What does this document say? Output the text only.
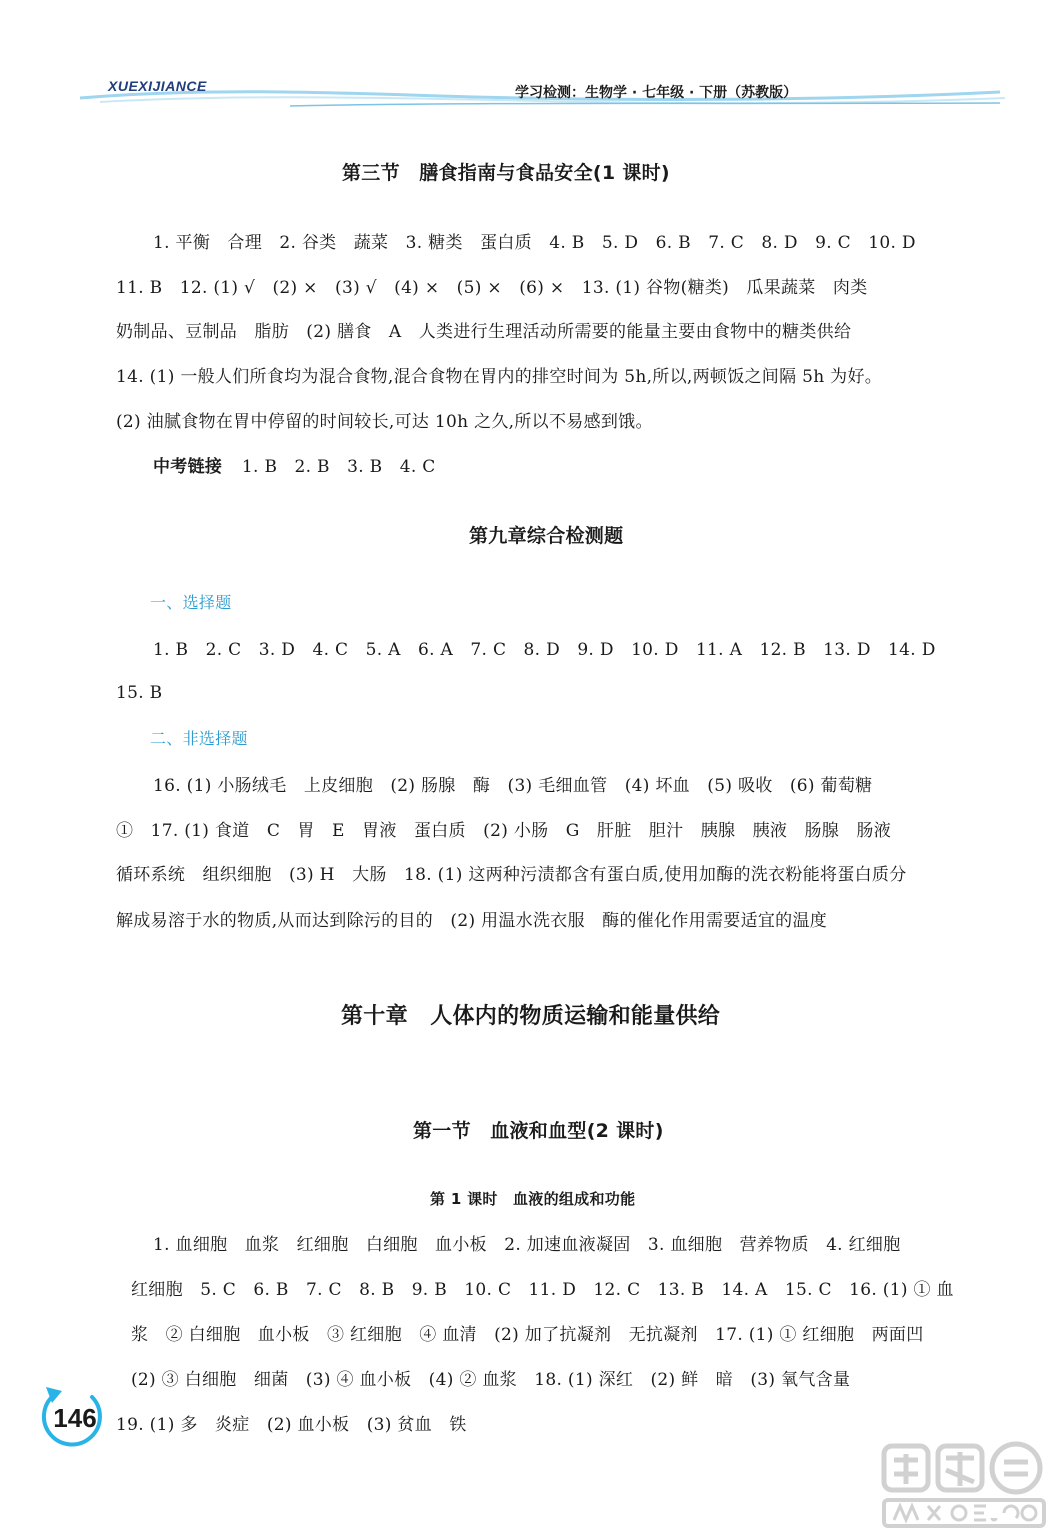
XUEXIJIANCE	学习检测：生物学 · 七年级 · 下册（苏教版）
第三节　膳食指南与食品安全(1 课时)
1. 平衡　合理　2. 谷类　蔬菜　3. 糖类　蛋白质　4. B　5. D　6. B　7. C　8. D　9. C　10. D
11. B　12. (1) √　(2) ×　(3) √　(4) ×　(5) ×　(6) ×　13. (1) 谷物(糖类)　瓜果蔬菜　肉类
奶制品、豆制品　脂肪　(2) 膳食　A　人类进行生理活动所需要的能量主要由食物中的糖类供给
14. (1) 一般人们所食均为混合食物,混合食物在胃内的排空时间为 5h,所以,两顿饭之间隔 5h 为好。
(2) 油腻食物在胃中停留的时间较长,可达 10h 之久,所以不易感到饿。
中考链接 1. B　2. B　3. B　4. C
第九章综合检测题
一、选择题
1. B　2. C　3. D　4. C　5. A　6. A　7. C　8. D　9. D　10. D　11. A　12. B　13. D　14. D
15. B
二、非选择题
16. (1) 小肠绒毛　上皮细胞　(2) 肠腺　酶　(3) 毛细血管　(4) 坏血　(5) 吸收　(6) 葡萄糖
①　17. (1) 食道　C　胃　E　胃液　蛋白质　(2) 小肠　G　肝脏　胆汁　胰腺　胰液　肠腺　肠液
循环系统　组织细胞　(3) H　大肠　18. (1) 这两种污渍都含有蛋白质,使用加酶的洗衣粉能将蛋白质分
解成易溶于水的物质,从而达到除污的目的　(2) 用温水洗衣服　酶的催化作用需要适宜的温度
第十章　人体内的物质运输和能量供给
第一节　血液和血型(2 课时)
第 1 课时　血液的组成和功能
1. 血细胞　血浆　红细胞　白细胞　血小板　2. 加速血液凝固　3. 血细胞　营养物质　4. 红细胞
红细胞　5. C　6. B　7. C　8. B　9. B　10. C　11. D　12. C　13. B　14. A　15. C　16. (1) ① 血
浆　② 白细胞　血小板　③ 红细胞　④ 血清　(2) 加了抗凝剂　无抗凝剂　17. (1) ① 红细胞　两面凹
(2) ③ 白细胞　细菌　(3) ④ 血小板　(4) ② 血浆　18. (1) 深红　(2) 鲜　暗　(3) 氧气含量
19. (1) 多　炎症　(2) 血小板　(3) 贫血　铁
146
